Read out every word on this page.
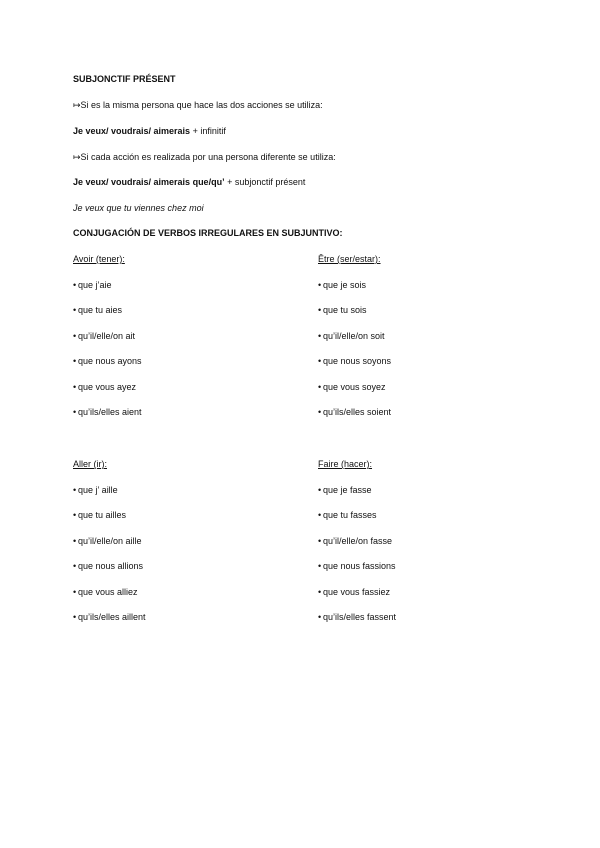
SUBJONCTIF PRÉSENT
↦Si es la misma persona que hace las dos acciones se utiliza:
Je veux/ voudrais/ aimerais + infinitif
↦Si cada acción es realizada por una persona diferente se utiliza:
Je veux/ voudrais/ aimerais que/qu’ + subjonctif présent
Je veux que tu viennes chez moi
CONJUGACIÓN DE VERBOS IRREGULARES EN SUBJUNTIVO:
Avoir (tener):
• que j’aie
• que tu aies
• qu’il/elle/on ait
• que nous ayons
• que vous ayez
• qu’ils/elles aient
Être (ser/estar):
• que je sois
• que tu sois
• qu’il/elle/on soit
• que nous soyons
• que vous soyez
• qu’ils/elles soient
Aller (ir):
• que j’ aille
• que tu ailles
• qu’il/elle/on aille
• que nous allions
• que vous alliez
• qu’ils/elles aillent
Faire (hacer):
• que je fasse
• que tu fasses
• qu’il/elle/on fasse
• que nous fassions
• que vous fassiez
• qu’ils/elles fassent
